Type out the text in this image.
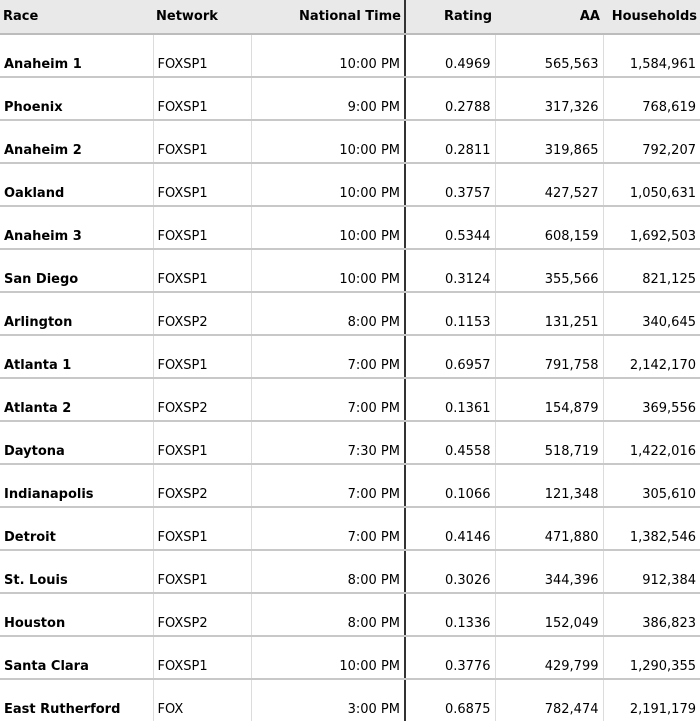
Race	Network	National Time	Rating	AA	Households
Anaheim 1	FOXSP1	10:00 PM	0.4969	565,563	1,584,961
Phoenix	FOXSP1	9:00 PM	0.2788	317,326	768,619
Anaheim 2	FOXSP1	10:00 PM	0.2811	319,865	792,207
Oakland	FOXSP1	10:00 PM	0.3757	427,527	1,050,631
Anaheim 3	FOXSP1	10:00 PM	0.5344	608,159	1,692,503
San Diego	FOXSP1	10:00 PM	0.3124	355,566	821,125
Arlington	FOXSP2	8:00 PM	0.1153	131,251	340,645
Atlanta 1	FOXSP1	7:00 PM	0.6957	791,758	2,142,170
Atlanta 2	FOXSP2	7:00 PM	0.1361	154,879	369,556
Daytona	FOXSP1	7:30 PM	0.4558	518,719	1,422,016
Indianapolis	FOXSP2	7:00 PM	0.1066	121,348	305,610
Detroit	FOXSP1	7:00 PM	0.4146	471,880	1,382,546
St. Louis	FOXSP1	8:00 PM	0.3026	344,396	912,384
Houston	FOXSP2	8:00 PM	0.1336	152,049	386,823
Santa Clara	FOXSP1	10:00 PM	0.3776	429,799	1,290,355
East Rutherford	FOX	3:00 PM	0.6875	782,474	2,191,179
